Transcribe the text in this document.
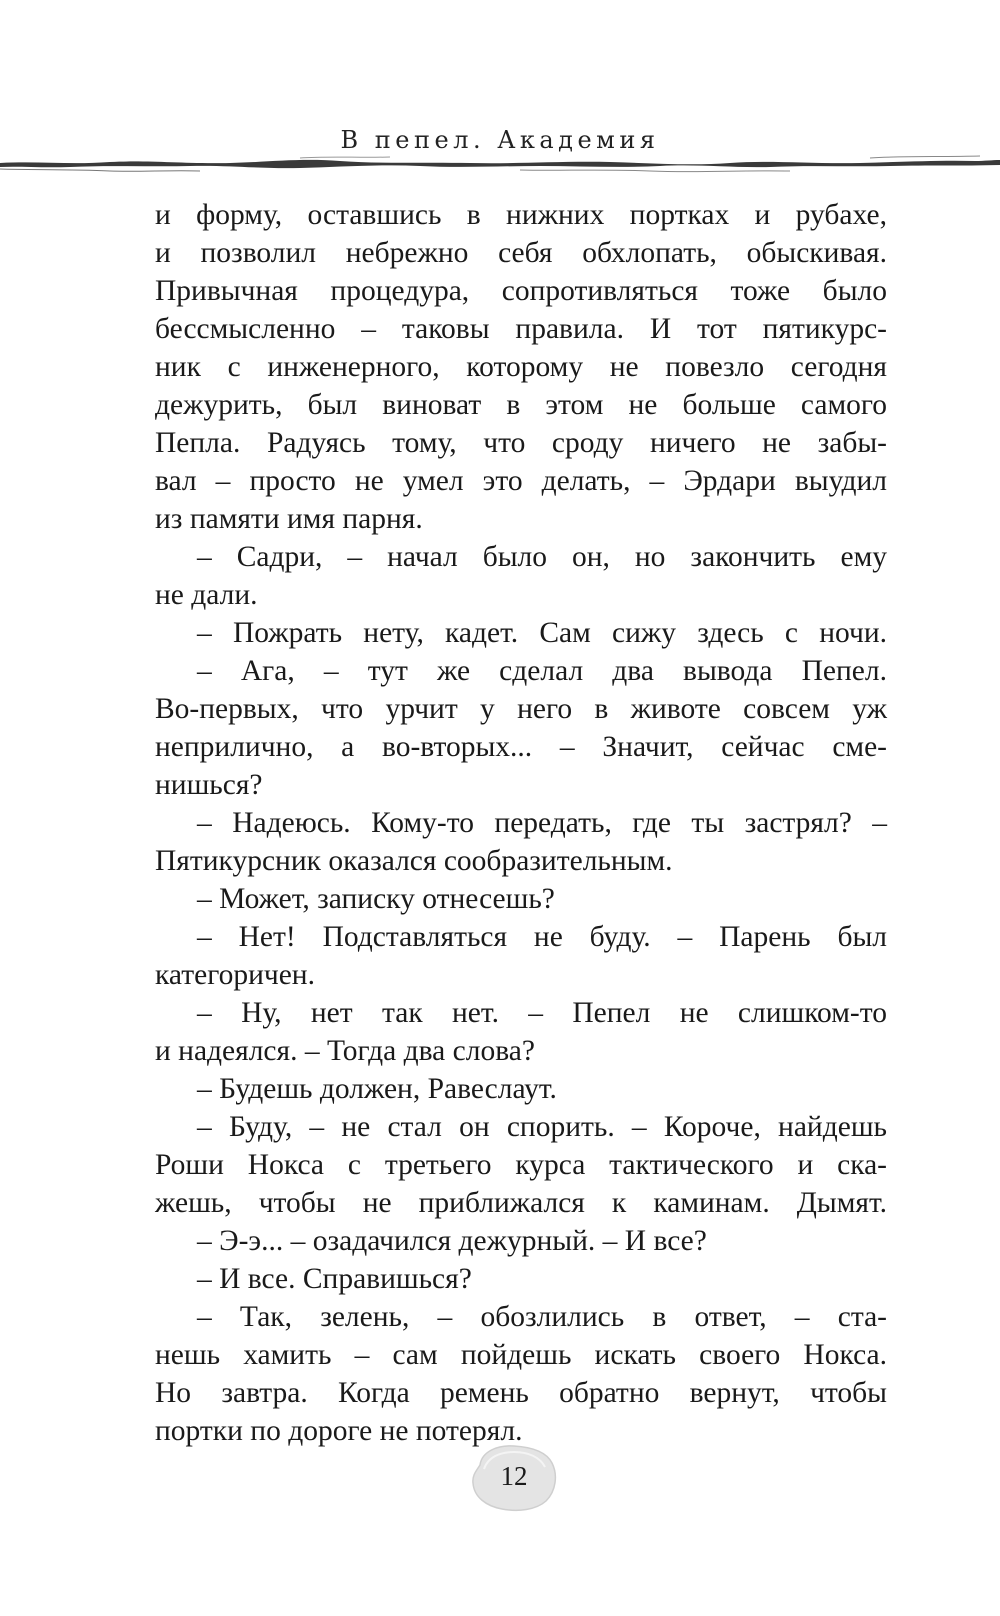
В пепел. Академия
и форму, оставшись в нижних портках и рубахе,
и позволил небрежно себя обхлопать, обыскивая.
Привычная процедура, сопротивляться тоже было
бессмысленно – таковы правила. И тот пятикурс-
ник с инженерного, которому не повезло сегодня
дежурить, был виноват в этом не больше самого
Пепла. Радуясь тому, что сроду ничего не забы-
вал – просто не умел это делать, – Эрдари выудил
из памяти имя парня.
– Садри, – начал было он, но закончить ему
не дали.
– Пожрать нету, кадет. Сам сижу здесь с ночи.
– Ага, – тут же сделал два вывода Пепел.
Во-первых, что урчит у него в животе совсем уж
неприлично, а во-вторых... – Значит, сейчас сме-
нишься?
– Надеюсь. Кому-то передать, где ты застрял? –
Пятикурсник оказался сообразительным.
– Может, записку отнесешь?
– Нет! Подставляться не буду. – Парень был
категоричен.
– Ну, нет так нет. – Пепел не слишком-то
и надеялся. – Тогда два слова?
– Будешь должен, Равеслаут.
– Буду, – не стал он спорить. – Короче, найдешь
Роши Нокса с третьего курса тактического и ска-
жешь, чтобы не приближался к каминам. Дымят.
– Э-э... – озадачился дежурный. – И все?
– И все. Справишься?
– Так, зелень, – обозлились в ответ, – ста-
нешь хамить – сам пойдешь искать своего Нокса.
Но завтра. Когда ремень обратно вернут, чтобы
портки по дороге не потерял.
12
